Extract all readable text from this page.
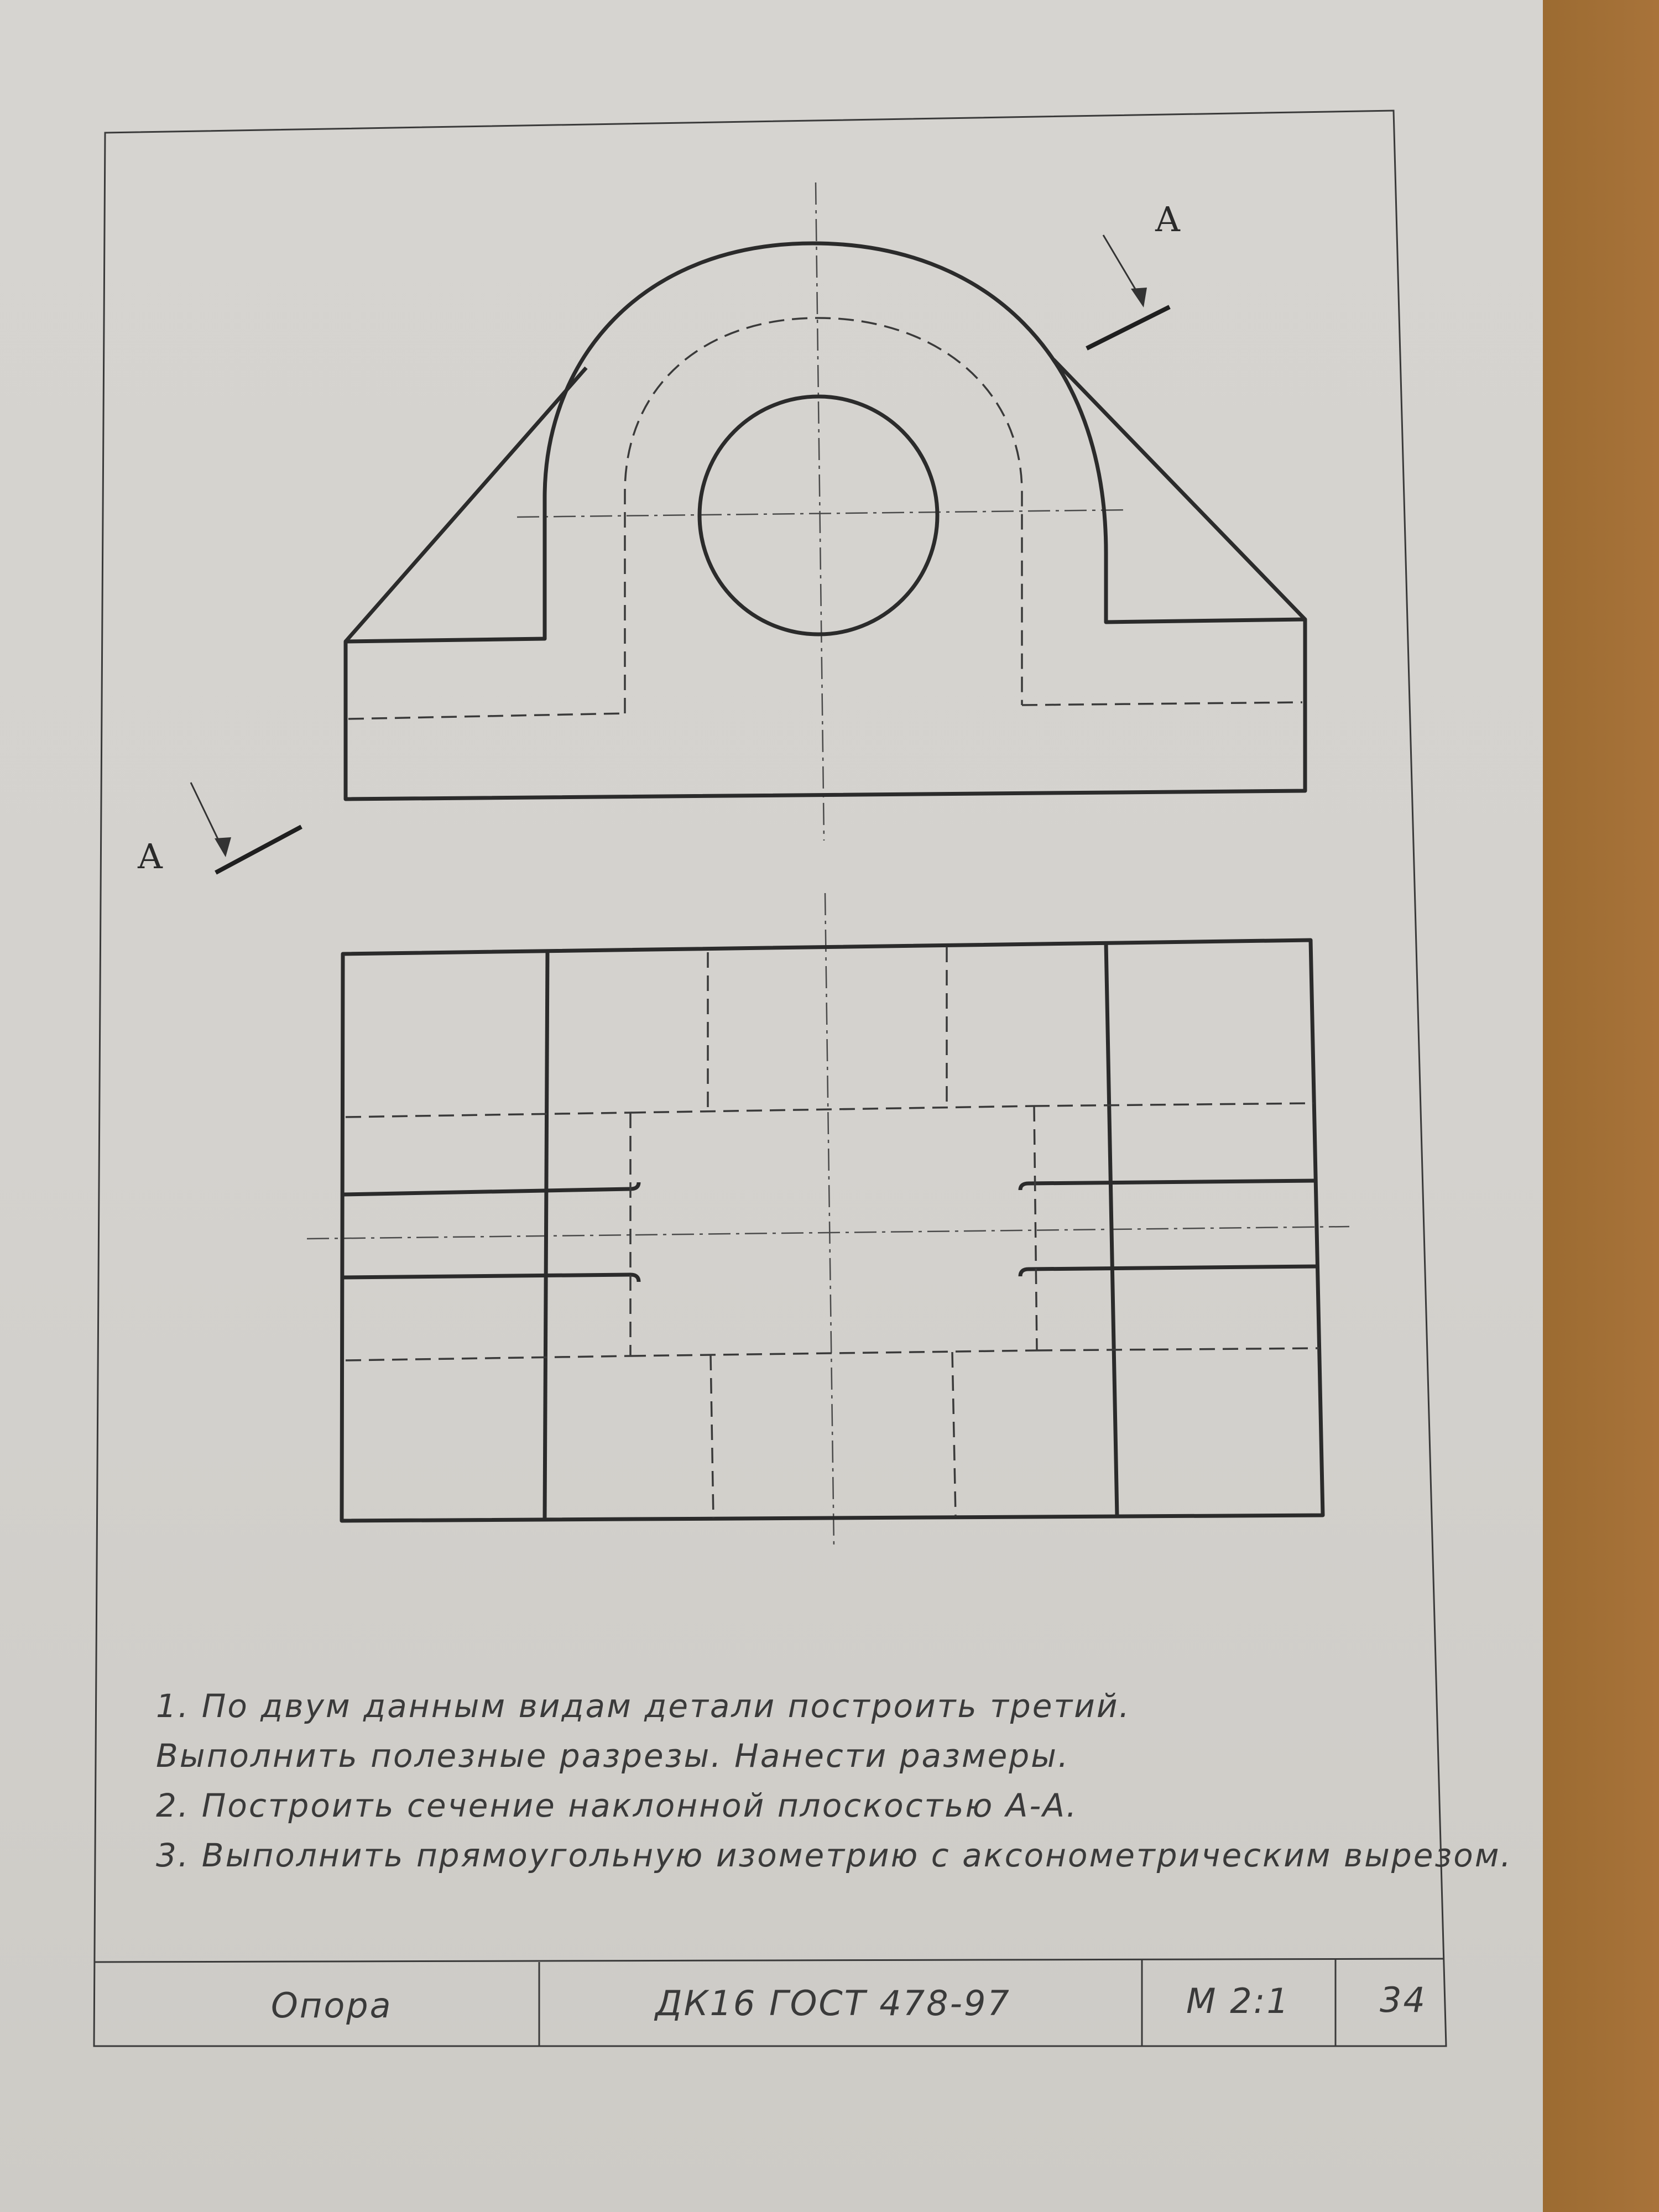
А
А
1. По двум данным видам детали построить третий.
Выполнить полезные разрезы. Нанести размеры.
2. Построить сечение наклонной плоскостью А-А.
3. Выполнить прямоугольную изометрию с аксонометрическим вырезом.
Опора	ДК16 ГОСТ 478-97	М 2:1	34
